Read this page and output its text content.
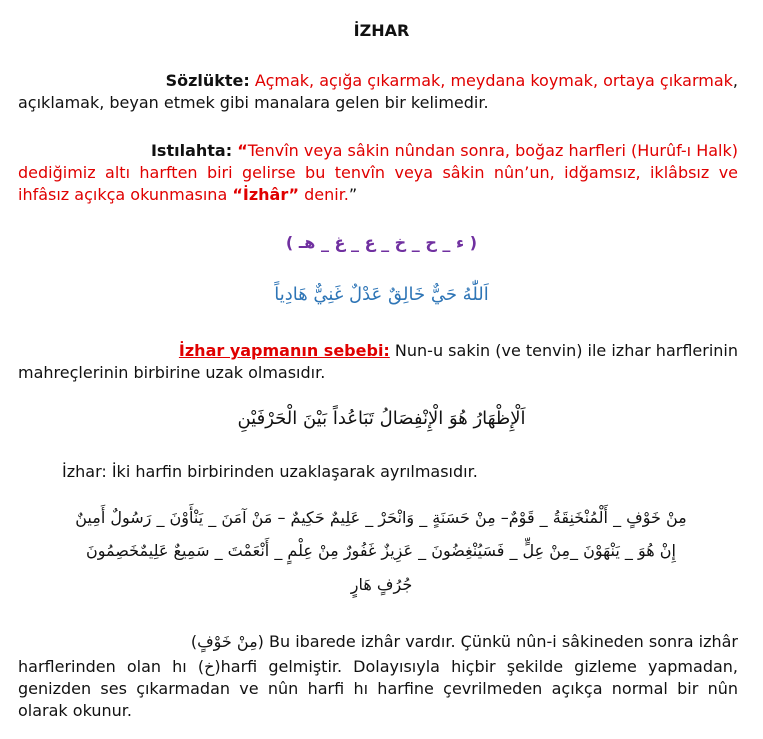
İZHAR
Sözlükte: Açmak, açığa çıkarmak, meydana koymak, ortaya çıkarmak,
açıklamak, beyan etmek gibi manalara gelen bir kelimedir.
Istılahta: “Tenvîn veya sâkin nûndan sonra, boğaz harfleri (Hurûf-ı Halk)
dediğimiz altı harften biri gelirse bu tenvîn veya sâkin nûn’un, idğamsız, iklâbsız ve
ihfâsız açıkça okunmasına “İzhâr” denir.”
( ء _ ح _ خ _ ع _ غ _ هـ )
اَللّٰهُ حَيٌّ خَالِقٌ عَدْلٌ غَنِيٌّ هَادِياً
İzhar yapmanın sebebi: Nun-u sakin (ve tenvin) ile izhar harflerinin
mahreçlerinin birbirine uzak olmasıdır.
اَلْإِظْهَارُ هُوَ الْإِنْفِصَالُ تَبَاعُداً بَيْنَ الْحَرْفَيْنِ
İzhar: İki harfin birbirinden uzaklaşarak ayrılmasıdır.
مِنْ خَوْفٍ _ أَلْمُنْخَنِقَةُ _ قَوْمٌ– مِنْ حَسَنَةٍ _ وَانْحَرْ _ عَلِيمٌ حَكِيمٌ – مَنْ آمَنَ _ يَنْأَوْنَ _ رَسُولٌ أَمِينٌ
إِنْ هُوَ _ يَنْهَوْنَ _مِنْ عِلٍّ _ فَسَيُنْغِضُونَ _ عَزِيزٌ غَفُورٌ مِنْ عِلْمٍ _ أَنْعَمْتَ _ سَمِيعٌ عَلِيمٌخَصِمُونَ
جُرُفٍ هَارٍ
(مِنْ خَوْفٍ) Bu ibarede izhâr vardır. Çünkü nûn-i sâkineden sonra izhâr
harflerinden olan hı (خ)harfi gelmiştir. Dolayısıyla hiçbir şekilde gizleme yapmadan,
genizden ses çıkarmadan ve nûn harfi hı harfine çevrilmeden açıkça normal bir nûn
olarak okunur.
